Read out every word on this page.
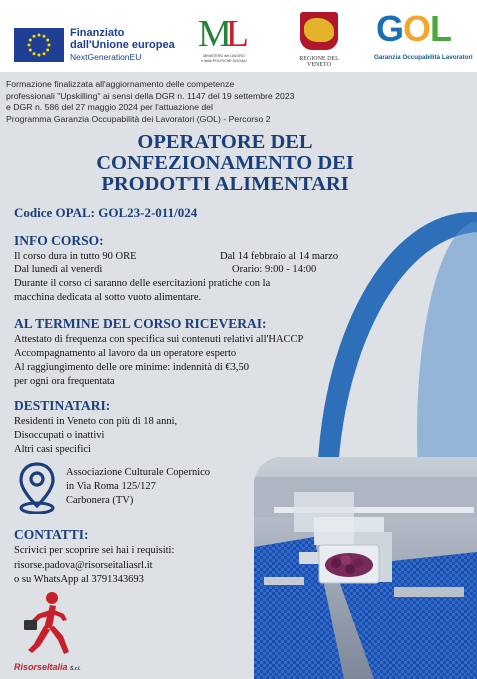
Finanziato
dall'Unione europea
NextGenerationEU
ML
MINISTERO del LAVORO
e delle POLITICHE SOCIALI	REGIONE DEL VENETO
GOL
Garanzia Occupabilità Lavoratori
Formazione finalizzata all'aggiornamento delle competenze
professionali "Upskilling" ai sensi della DGR n. 1147 del 19 settembre 2023
e DGR n. 586 del 27 maggio 2024 per l'attuazione del
Programma Garanzia Occupabilità dei Lavoratori (GOL) - Percorso 2
OPERATORE DEL
CONFEZIONAMENTO DEI
PRODOTTI ALIMENTARI
Codice OPAL: GOL23-2-011/024
INFO CORSO:
Il corso dura in tutto 90 ORE	Dal 14 febbraio al 14 marzo
Dal lunedì al venerdì	Orario: 9:00 - 14:00
Durante il corso ci saranno delle esercitazioni pratiche con la
macchina dedicata al sotto vuoto alimentare.
AL TERMINE DEL CORSO RICEVERAI:
Attestato di frequenza con specifica sui contenuti relativi all'HACCP
Accompagnamento al lavoro da un operatore esperto
Al raggiungimento delle ore minime: indennità di €3,50
per ogni ora frequentata
DESTINATARI:
Residenti in Veneto con più di 18 anni,
Disoccupati o inattivi
Altri casi specifici
Associazione Culturale Copernico
in Via Roma 125/127
Carbonera (TV)
CONTATTI:
Scrivici per scoprire sei hai i requisiti:
risorse.padova@risorseitaliasrl.it
o su WhatsApp al 3791343693
RisorseItalia S.r.l.
